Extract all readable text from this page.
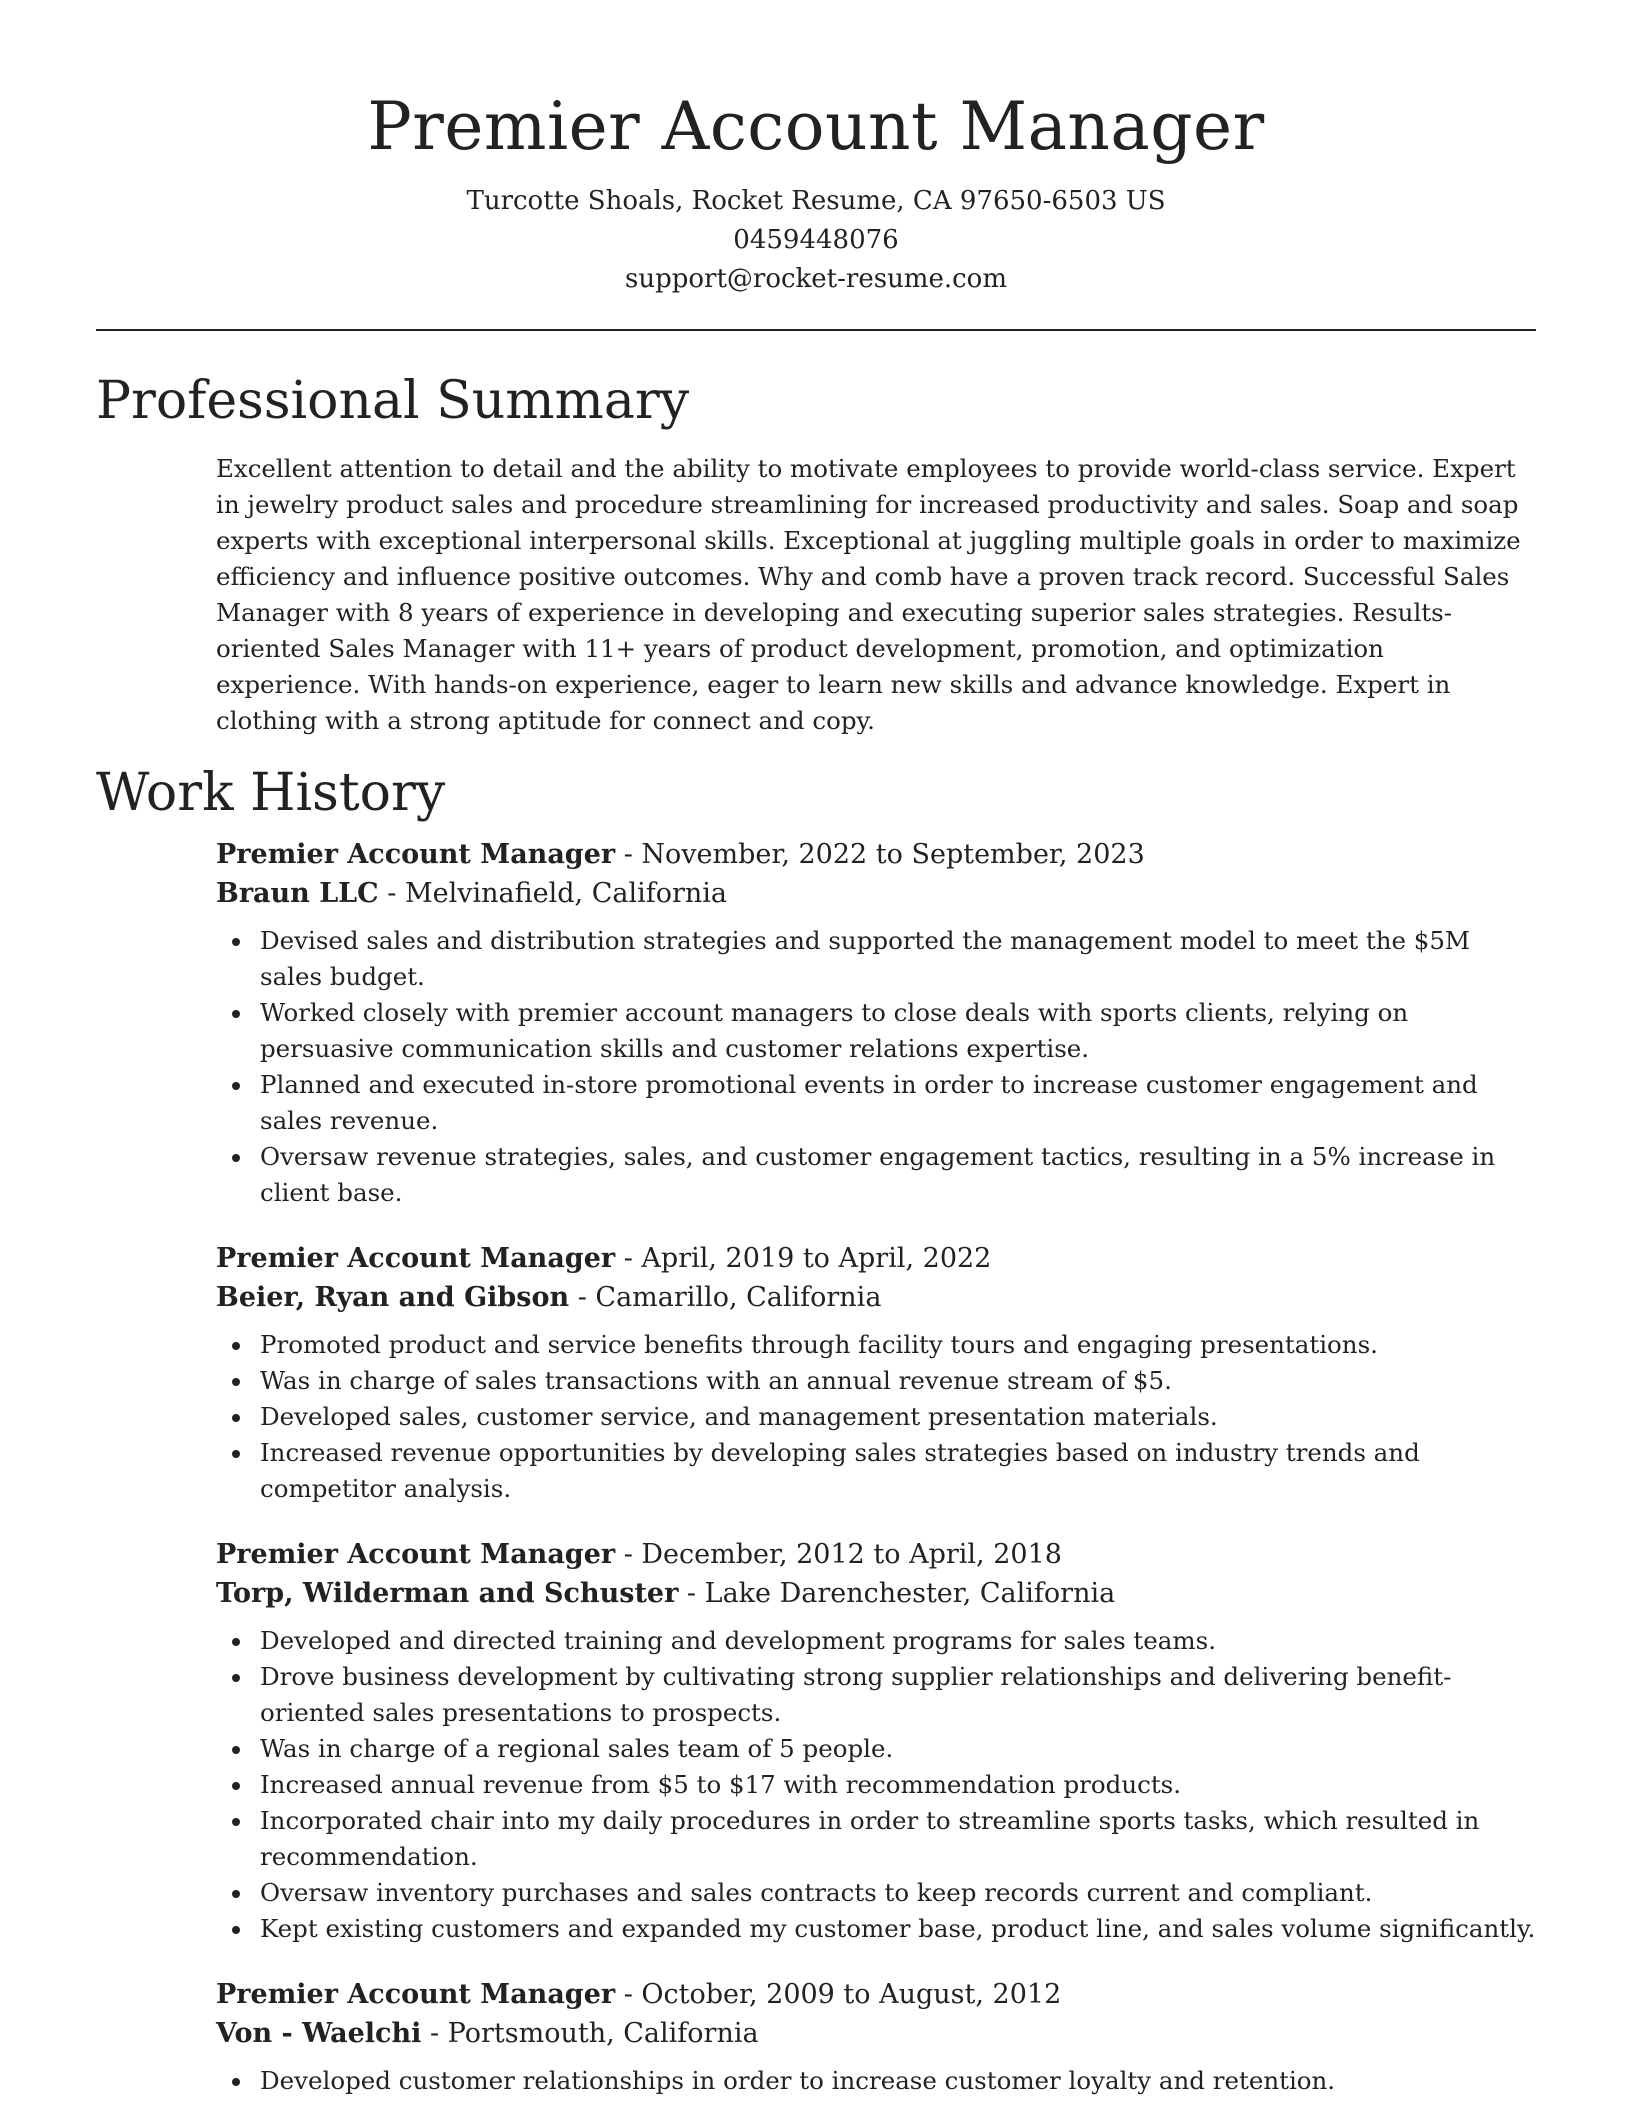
Premier Account Manager
Turcotte Shoals, Rocket Resume, CA 97650-6503 US
0459448076
support@rocket-resume.com
Professional Summary

Excellent attention to detail and the ability to motivate employees to provide world-class service. Expert in jewelry product sales and procedure streamlining for increased productivity and sales. Soap and soap experts with exceptional interpersonal skills. Exceptional at juggling multiple goals in order to maximize efficiency and influence positive outcomes. Why and comb have a proven track record. Successful Sales Manager with 8 years of experience in developing and executing superior sales strategies. Results-oriented Sales Manager with 11+ years of product development, promotion, and optimization experience. With hands-on experience, eager to learn new skills and advance knowledge. Expert in clothing with a strong aptitude for connect and copy.

Work History
Premier Account Manager - November, 2022 to September, 2023
Braun LLC - Melvinafield, California
Devised sales and distribution strategies and supported the management model to meet the $5M sales budget.
Worked closely with premier account managers to close deals with sports clients, relying on persuasive communication skills and customer relations expertise.
Planned and executed in-store promotional events in order to increase customer engagement and sales revenue.
Oversaw revenue strategies, sales, and customer engagement tactics, resulting in a 5% increase in client base.
Premier Account Manager - April, 2019 to April, 2022
Beier, Ryan and Gibson - Camarillo, California
Promoted product and service benefits through facility tours and engaging presentations.
Was in charge of sales transactions with an annual revenue stream of $5.
Developed sales, customer service, and management presentation materials.
Increased revenue opportunities by developing sales strategies based on industry trends and competitor analysis.
Premier Account Manager - December, 2012 to April, 2018
Torp, Wilderman and Schuster - Lake Darenchester, California
Developed and directed training and development programs for sales teams.
Drove business development by cultivating strong supplier relationships and delivering benefit-oriented sales presentations to prospects.
Was in charge of a regional sales team of 5 people.
Increased annual revenue from $5 to $17 with recommendation products.
Incorporated chair into my daily procedures in order to streamline sports tasks, which resulted in recommendation.
Oversaw inventory purchases and sales contracts to keep records current and compliant.
Kept existing customers and expanded my customer base, product line, and sales volume significantly.
Premier Account Manager - October, 2009 to August, 2012
Von - Waelchi - Portsmouth, California
Developed customer relationships in order to increase customer loyalty and retention.
